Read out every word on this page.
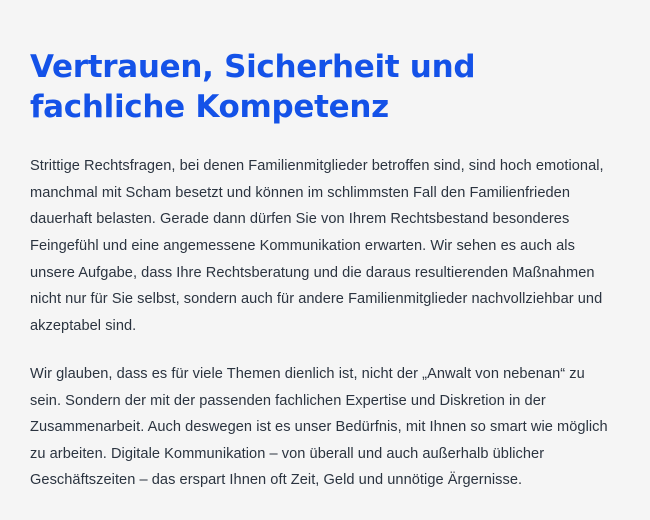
Vertrauen, Sicherheit und fachliche Kompetenz

Strittige Rechtsfragen, bei denen Familienmitglieder betroffen sind, sind hoch emotional, manchmal mit Scham besetzt und können im schlimmsten Fall den Familienfrieden dauerhaft belasten. Gerade dann dürfen Sie von Ihrem Rechtsbestand besonderes Feingefühl und eine angemessene Kommunikation erwarten. Wir sehen es auch als unsere Aufgabe, dass Ihre Rechtsberatung und die daraus resultierenden Maßnahmen nicht nur für Sie selbst, sondern auch für andere Familienmitglieder nachvollziehbar und akzeptabel sind.

Wir glauben, dass es für viele Themen dienlich ist, nicht der „Anwalt von nebenan“ zu sein. Sondern der mit der passenden fachlichen Expertise und Diskretion in der Zusammenarbeit. Auch deswegen ist es unser Bedürfnis, mit Ihnen so smart wie möglich zu arbeiten. Digitale Kommunikation – von überall und auch außerhalb üblicher Geschäftszeiten – das erspart Ihnen oft Zeit, Geld und unnötige Ärgernisse.
